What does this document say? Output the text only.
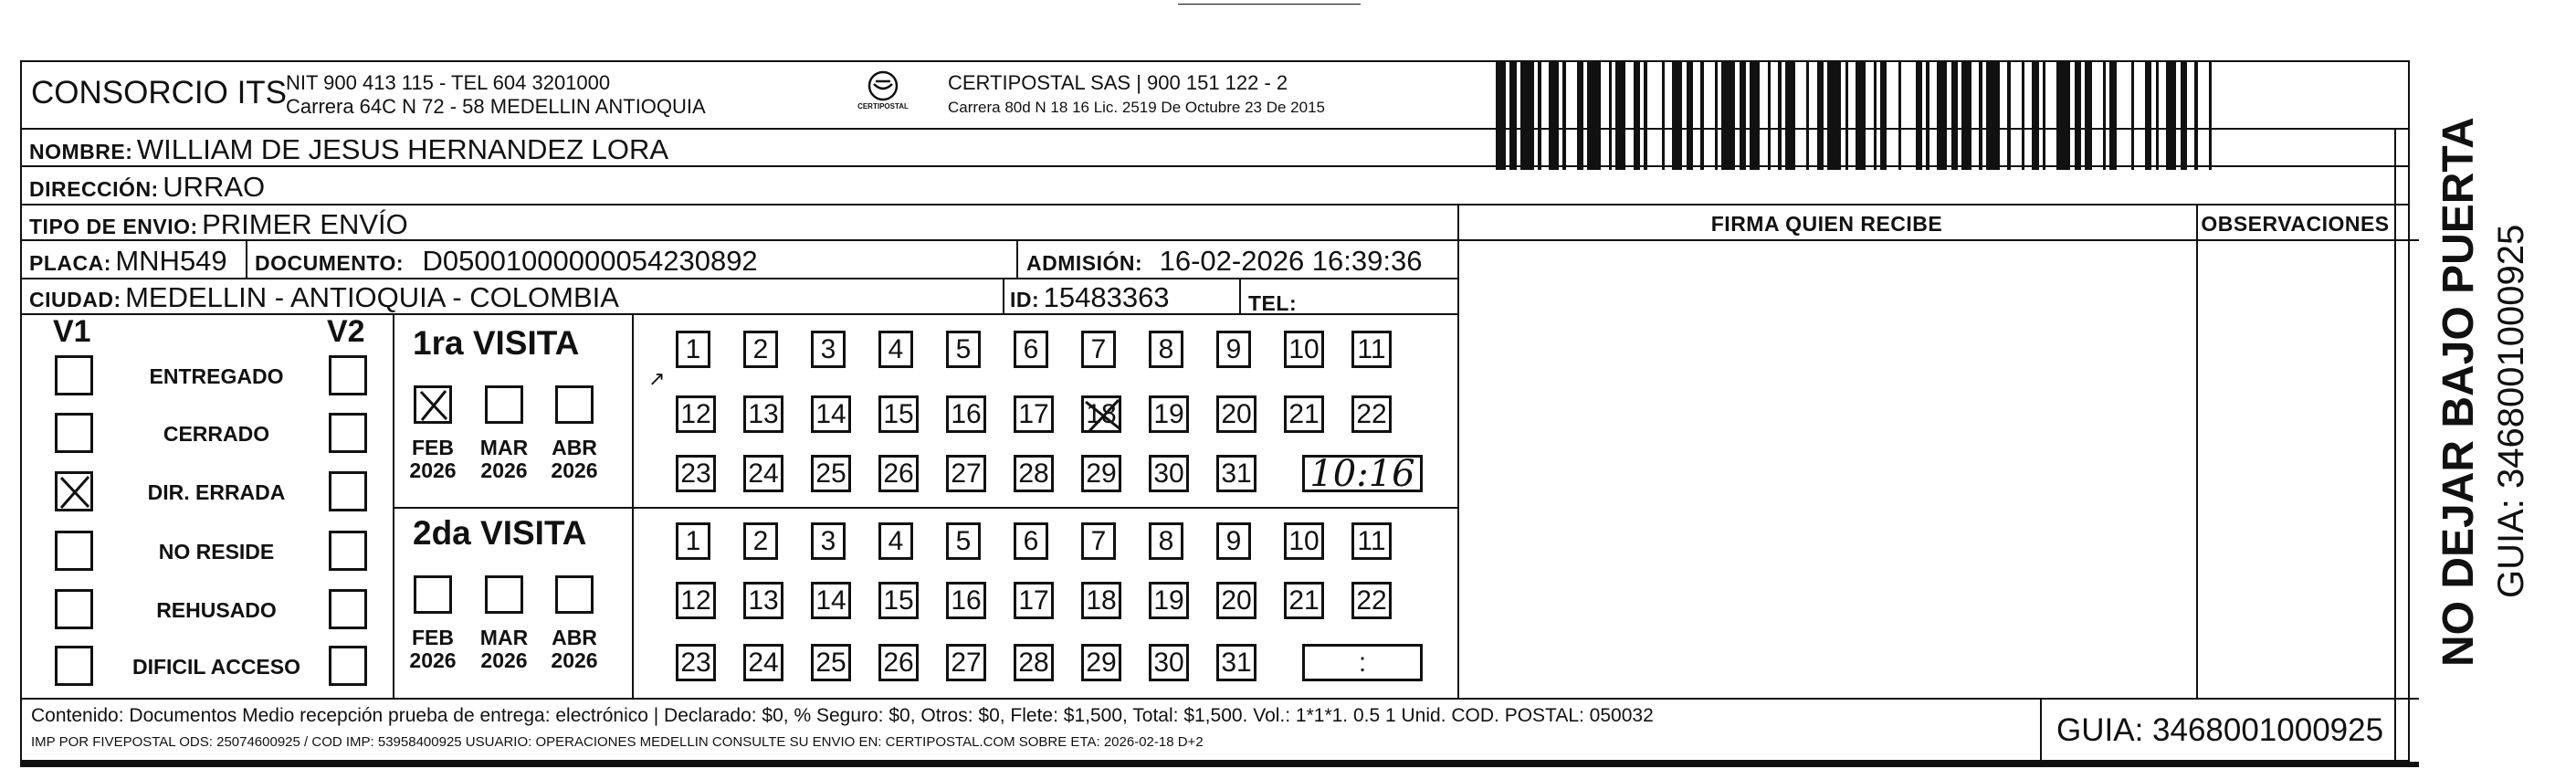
CONSORCIO ITS
NIT 900 413 115 - TEL 604 3201000
Carrera 64C N 72 - 58 MEDELLIN ANTIOQUIA	CERTIPOSTAL
CERTIPOSTAL SAS | 900 151 122 - 2
Carrera 80d N 18 16 Lic. 2519 De Octubre 23 De 2015
NOMBRE: WILLIAM DE JESUS HERNANDEZ LORA
DIRECCIÓN: URRAO
TIPO DE ENVIO: PRIMER ENVÍO
PLACA: MNH549 DOCUMENTO: D05001000000054230892	ADMISIÓN: 16-02-2026 16:39:36
CIUDAD: MEDELLIN - ANTIOQUIA - COLOMBIA	ID: 15483363	TEL:
FIRMA QUIEN RECIBE	OBSERVACIONES
V1	V2
ENTREGADO
CERRADO
DIR. ERRADA
NO RESIDE
REHUSADO
DIFICIL ACCESO
1ra VISITA
FEB
2026
MAR
2026
ABR
2026
1	2	3	4	5	6	7	8	9	10 11
12 13 14 15 16 17 18 19 20 21 22
23 24 25 26 27 28 29 30 31 10:16
↗
2da VISITA
FEB
2026
MAR
2026
ABR
2026
1	2	3	4	5	6	7	8	9	10 11
12 13 14 15 16 17 18 19 20 21 22
23 24 25 26 27 28 29 30 31	:
Contenido: Documentos Medio recepción prueba de entrega: electrónico | Declarado: $0, % Seguro: $0, Otros: $0, Flete: $1,500, Total: $1,500. Vol.: 1*1*1. 0.5 1 Unid. COD. POSTAL: 050032
IMP POR FIVEPOSTAL ODS: 25074600925 / COD IMP: 53958400925 USUARIO: OPERACIONES MEDELLIN CONSULTE SU ENVIO EN: CERTIPOSTAL.COM SOBRE ETA: 2026-02-18 D+2	GUIA: 3468001000925
NO DEJAR BAJO PUERTA GUIA: 3468001000925
